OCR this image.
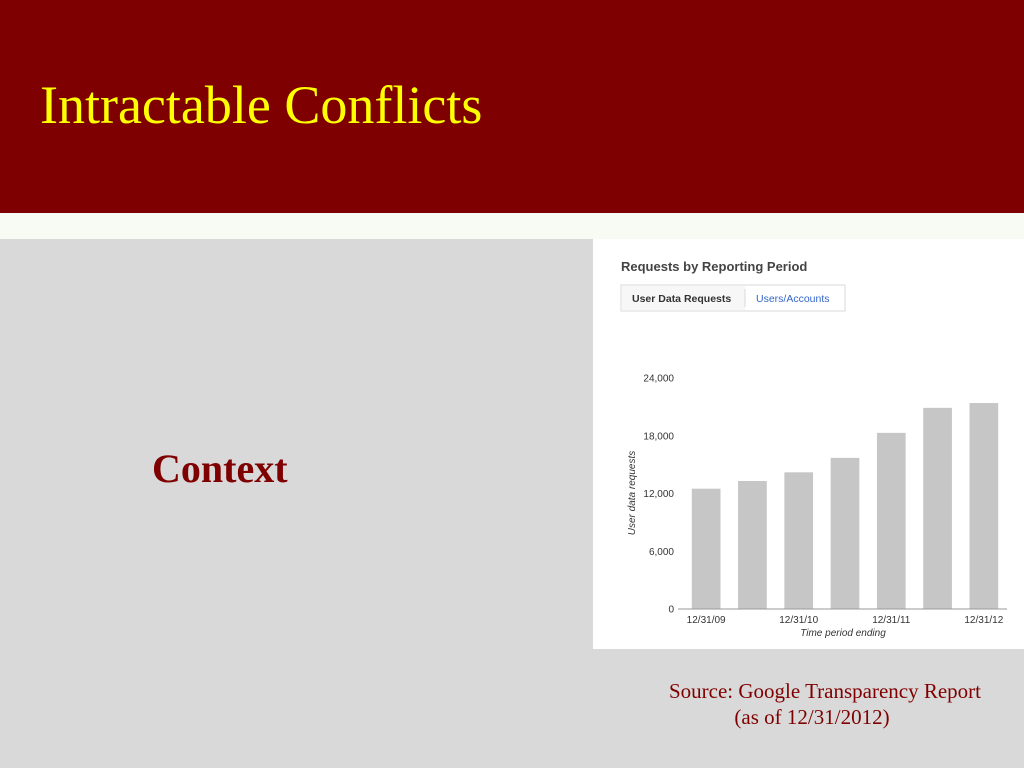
Intractable Conflicts
Context
Requests by Reporting Period
User Data Requests Users/Accounts
0
6,000
12,000
18,000
24,000
12/31/09	12/31/10	12/31/11	12/31/12
User data requests
Time period ending
Source: Google Transparency Report
(as of 12/31/2012)
